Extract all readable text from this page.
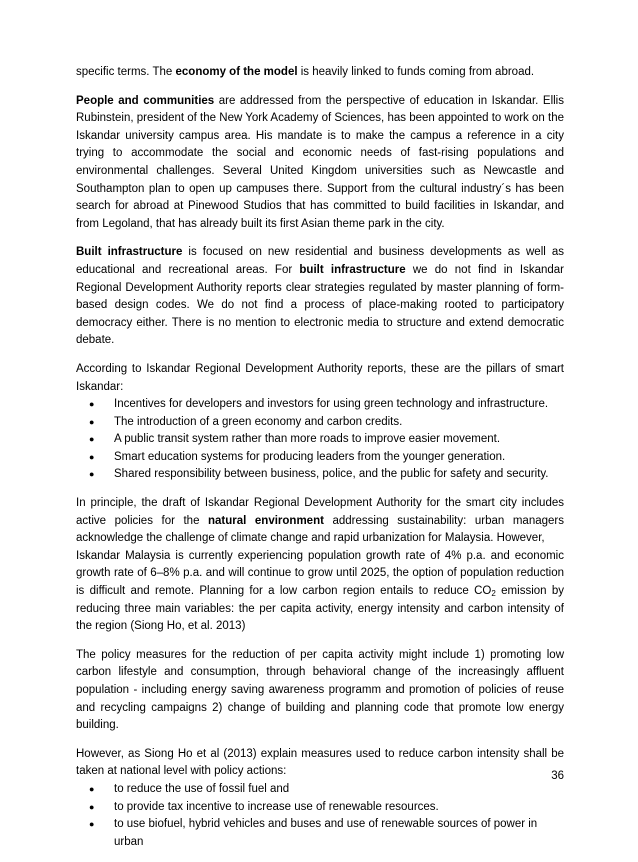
specific terms. The economy of the model is heavily linked to funds coming from abroad.

People and communities are addressed from the perspective of education in Iskandar. Ellis Rubinstein, president of the New York Academy of Sciences, has been appointed to work on the Iskandar university campus area. His mandate is to make the campus a reference in a city trying to accommodate the social and economic needs of fast-rising populations and environmental challenges. Several United Kingdom universities such as Newcastle and Southampton plan to open up campuses there. Support from the cultural industry´s has been search for abroad at Pinewood Studios that has committed to build facilities in Iskandar, and from Legoland, that has already built its first Asian theme park in the city.

Built infrastructure is focused on new residential and business developments as well as educational and recreational areas. For built infrastructure we do not find in Iskandar Regional Development Authority reports clear strategies regulated by master planning of form-based design codes. We do not find a process of place-making rooted to participatory democracy either. There is no mention to electronic media to structure and extend democratic debate.

According to Iskandar Regional Development Authority reports, these are the pillars of smart Iskandar:

● Incentives for developers and investors for using green technology and infrastructure.
● The introduction of a green economy and carbon credits.
● A public transit system rather than more roads to improve easier movement.
● Smart education systems for producing leaders from the younger generation.
● Shared responsibility between business, police, and the public for safety and security.

In principle, the draft of Iskandar Regional Development Authority for the smart city includes active policies for the natural environment addressing sustainability: urban managers acknowledge the challenge of climate change and rapid urbanization for Malaysia. However,
Iskandar Malaysia is currently experiencing population growth rate of 4% p.a. and economic growth rate of 6–8% p.a. and will continue to grow until 2025, the option of population reduction is difficult and remote. Planning for a low carbon region entails to reduce $CO_2$ emission by reducing three main variables: the per capita activity, energy intensity and carbon intensity of the region (Siong Ho, et al. 2013)

The policy measures for the reduction of per capita activity might include 1) promoting low carbon lifestyle and consumption, through behavioral change of the increasingly affluent population - including energy saving awareness programm and promotion of policies of reuse and recycling campaigns 2) change of building and planning code that promote low energy building.

However, as Siong Ho et al (2013) explain measures used to reduce carbon intensity shall be taken at national level with policy actions:

● to reduce the use of fossil fuel and
● to provide tax incentive to increase use of renewable resources.
● to use biofuel, hybrid vehicles and buses and use of renewable sources of power in urban
36
